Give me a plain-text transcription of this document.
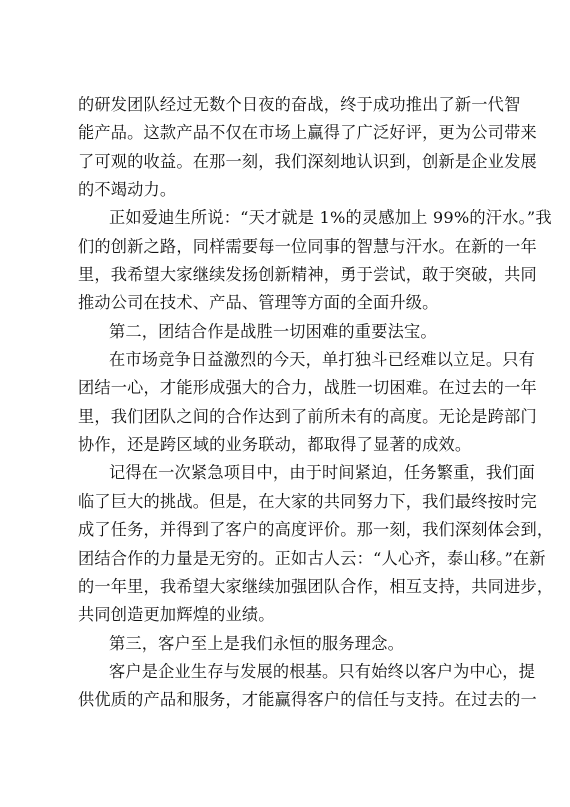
的研发团队经过无数个日夜的奋战，终于成功推出了新一代智
能产品。这款产品不仅在市场上赢得了广泛好评，更为公司带来
了可观的收益。在那一刻，我们深刻地认识到，创新是企业发展
的不竭动力。
正如爱迪生所说：“天才就是 1%的灵感加上 99%的汗水。”我
们的创新之路，同样需要每一位同事的智慧与汗水。在新的一年
里，我希望大家继续发扬创新精神，勇于尝试，敢于突破，共同
推动公司在技术、产品、管理等方面的全面升级。
第二，团结合作是战胜一切困难的重要法宝。
在市场竞争日益激烈的今天，单打独斗已经难以立足。只有
团结一心，才能形成强大的合力，战胜一切困难。在过去的一年
里，我们团队之间的合作达到了前所未有的高度。无论是跨部门
协作，还是跨区域的业务联动，都取得了显著的成效。
记得在一次紧急项目中，由于时间紧迫，任务繁重，我们面
临了巨大的挑战。但是，在大家的共同努力下，我们最终按时完
成了任务，并得到了客户的高度评价。那一刻，我们深刻体会到，
团结合作的力量是无穷的。正如古人云：“人心齐，泰山移。”在新
的一年里，我希望大家继续加强团队合作，相互支持，共同进步，
共同创造更加辉煌的业绩。
第三，客户至上是我们永恒的服务理念。
客户是企业生存与发展的根基。只有始终以客户为中心，提
供优质的产品和服务，才能赢得客户的信任与支持。在过去的一
